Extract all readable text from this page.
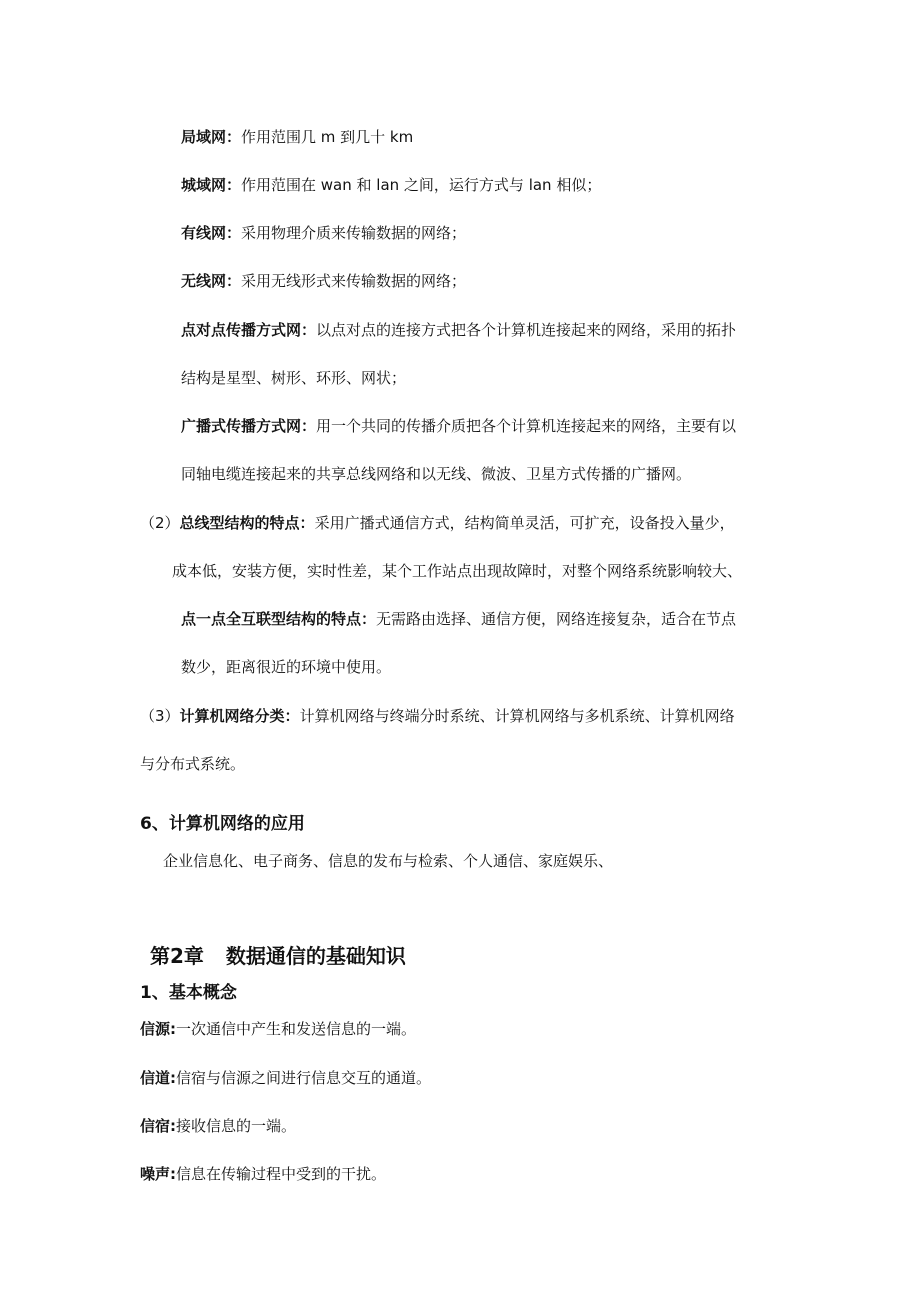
局域网：作用范围几 m 到几十 km
城域网：作用范围在 wan 和 lan 之间，运行方式与 lan 相似；
有线网：采用物理介质来传输数据的网络；
无线网：采用无线形式来传输数据的网络；
点对点传播方式网：以点对点的连接方式把各个计算机连接起来的网络，采用的拓扑
结构是星型、树形、环形、网状；
广播式传播方式网：用一个共同的传播介质把各个计算机连接起来的网络，主要有以
同轴电缆连接起来的共享总线网络和以无线、微波、卫星方式传播的广播网。
（2）总线型结构的特点：采用广播式通信方式，结构简单灵活，可扩充，设备投入量少，
成本低，安装方便，实时性差，某个工作站点出现故障时，对整个网络系统影响较大、
点一点全互联型结构的特点：无需路由选择、通信方便，网络连接复杂，适合在节点
数少，距离很近的环境中使用。
（3）计算机网络分类：计算机网络与终端分时系统、计算机网络与多机系统、计算机网络
与分布式系统。
6、计算机网络的应用
企业信息化、电子商务、信息的发布与检索、个人通信、家庭娱乐、
第2章 数据通信的基础知识
1、基本概念
信源:一次通信中产生和发送信息的一端。
信道:信宿与信源之间进行信息交互的通道。
信宿:接收信息的一端。
噪声:信息在传输过程中受到的干扰。
